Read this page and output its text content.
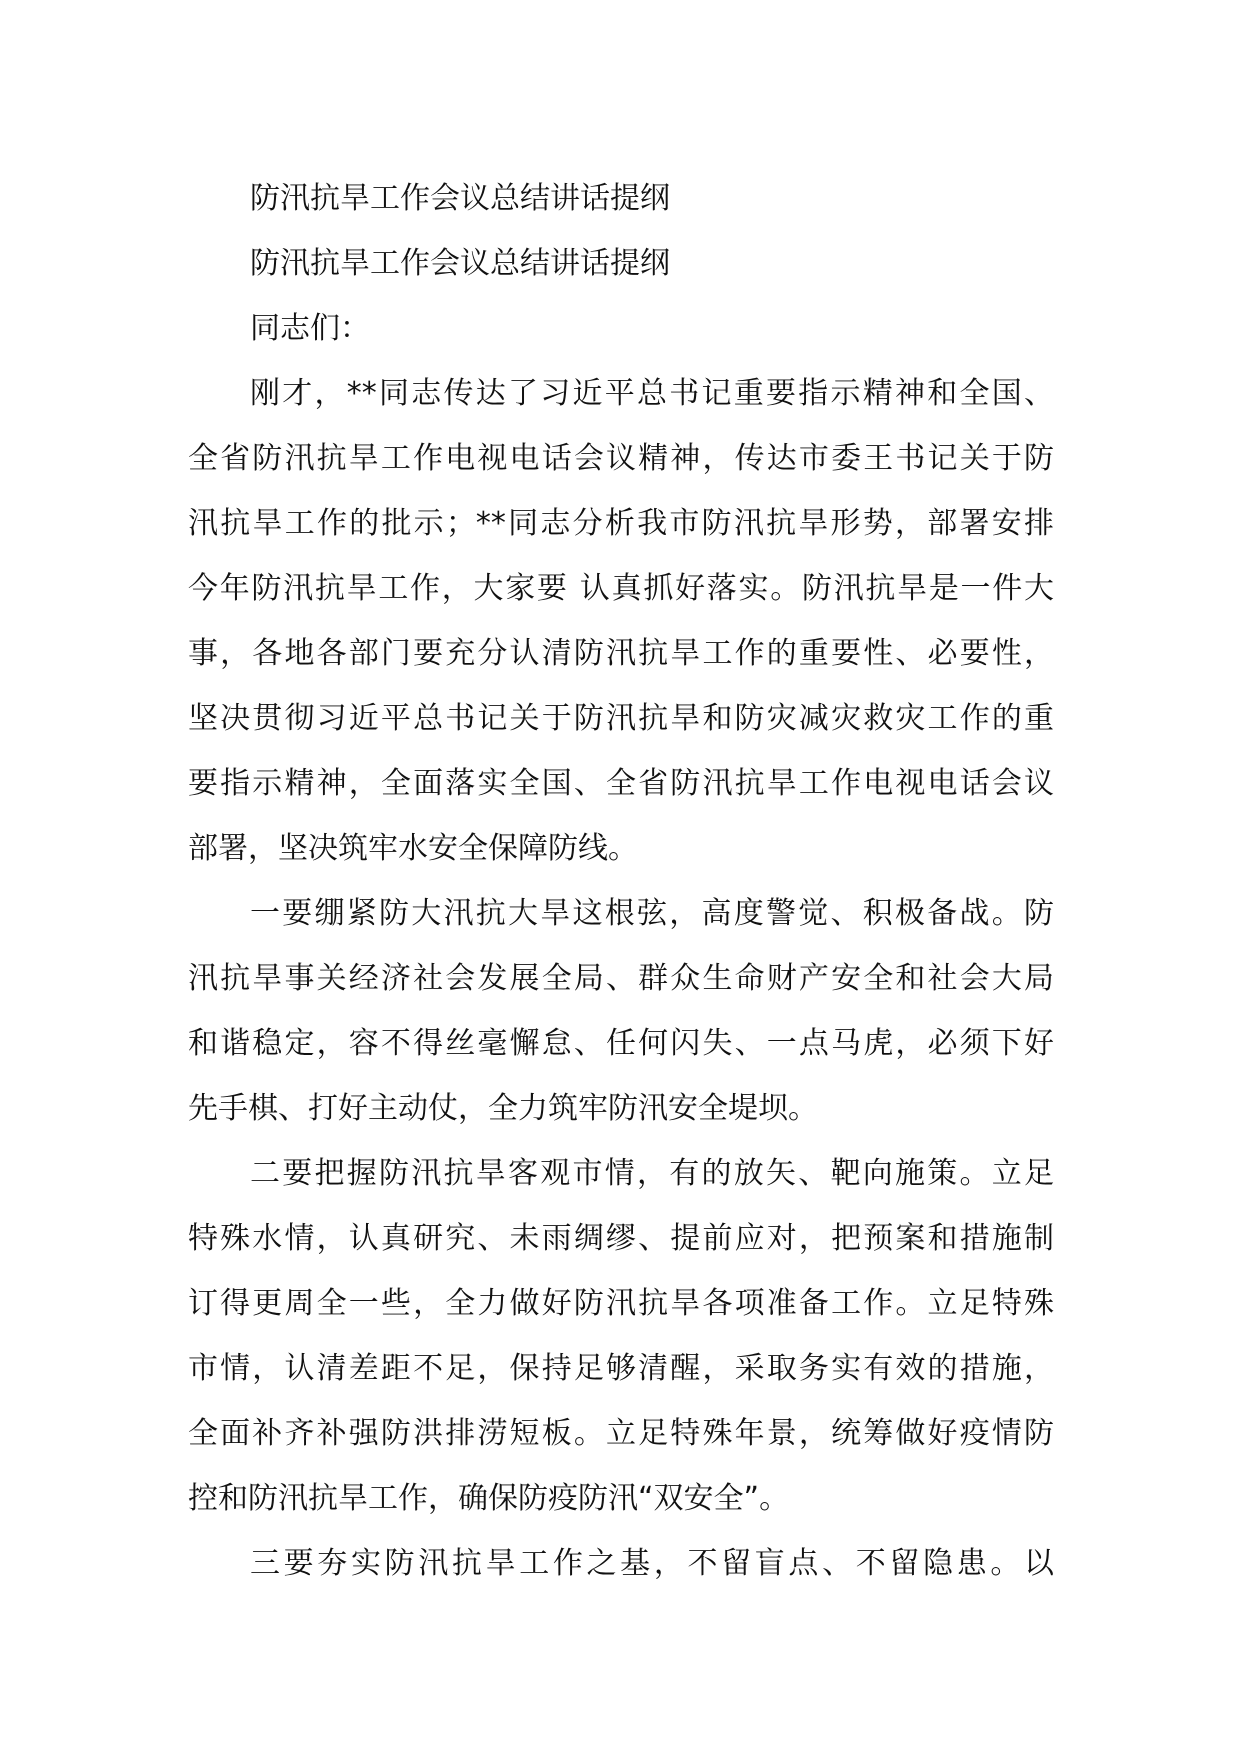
防汛抗旱工作会议总结讲话提纲
防汛抗旱工作会议总结讲话提纲
同志们：
刚才，**同志传达了习近平总书记重要指示精神和全国、
全省防汛抗旱工作电视电话会议精神，传达市委王书记关于防
汛抗旱工作的批示；**同志分析我市防汛抗旱形势，部署安排
今年防汛抗旱工作，大家要 认真抓好落实。防汛抗旱是一件大
事，各地各部门要充分认清防汛抗旱工作的重要性、必要性，
坚决贯彻习近平总书记关于防汛抗旱和防灾减灾救灾工作的重
要指示精神，全面落实全国、全省防汛抗旱工作电视电话会议
部署，坚决筑牢水安全保障防线。
一要绷紧防大汛抗大旱这根弦，高度警觉、积极备战。防
汛抗旱事关经济社会发展全局、群众生命财产安全和社会大局
和谐稳定，容不得丝毫懈怠、任何闪失、一点马虎，必须下好
先手棋、打好主动仗，全力筑牢防汛安全堤坝。
二要把握防汛抗旱客观市情，有的放矢、靶向施策。立足
特殊水情，认真研究、未雨绸缪、提前应对，把预案和措施制
订得更周全一些，全力做好防汛抗旱各项准备工作。立足特殊
市情，认清差距不足，保持足够清醒，采取务实有效的措施，
全面补齐补强防洪排涝短板。立足特殊年景，统筹做好疫情防
控和防汛抗旱工作，确保防疫防汛“双安全”。
三要夯实防汛抗旱工作之基，不留盲点、不留隐患。以
